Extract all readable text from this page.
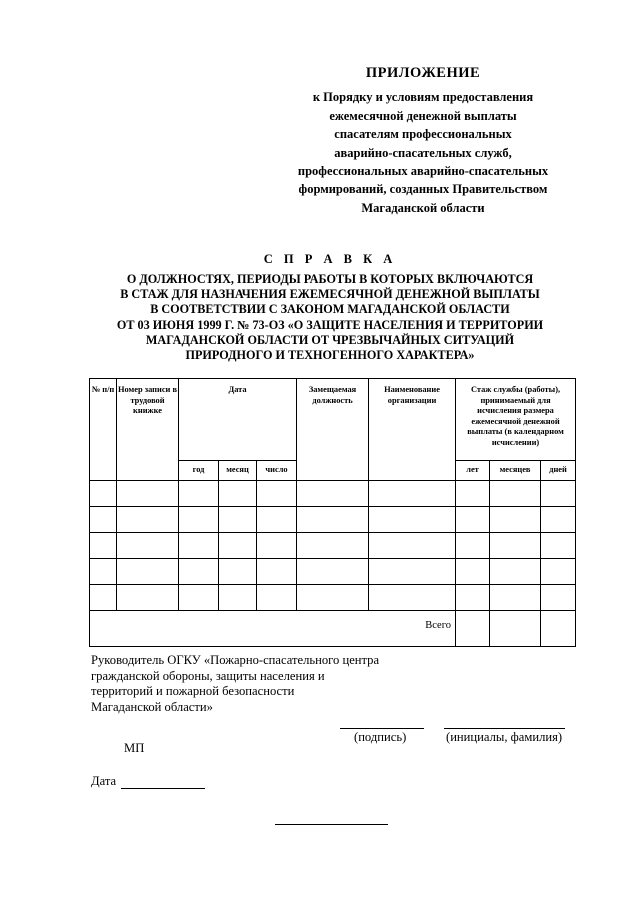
ПРИЛОЖЕНИЕ
к Порядку и условиям предоставления
ежемесячной денежной выплаты
спасателям профессиональных
аварийно-спасательных служб,
профессиональных аварийно-спасательных
формирований, созданных Правительством
Магаданской области
С П Р А В К А
О ДОЛЖНОСТЯХ, ПЕРИОДЫ РАБОТЫ В КОТОРЫХ ВКЛЮЧАЮТСЯ
В СТАЖ ДЛЯ НАЗНАЧЕНИЯ ЕЖЕМЕСЯЧНОЙ ДЕНЕЖНОЙ ВЫПЛАТЫ
В СООТВЕТСТВИИ С ЗАКОНОМ МАГАДАНСКОЙ ОБЛАСТИ
ОТ 03 ИЮНЯ 1999 Г. № 73-ОЗ «О ЗАЩИТЕ НАСЕЛЕНИЯ И ТЕРРИТОРИИ
МАГАДАНСКОЙ ОБЛАСТИ ОТ ЧРЕЗВЫЧАЙНЫХ СИТУАЦИЙ
ПРИРОДНОГО И ТЕХНОГЕННОГО ХАРАКТЕРА»
№ п/п	Номер записи в трудовой книжке	Дата			Замещаемая должность	Наименование организации	Стаж службы (работы), принимаемый для исчисления размера ежемесячной денежной выплаты (в календарном исчислении)		
		год	месяц	число			лет	месяцев	дней

Всего									
Руководитель ОГКУ «Пожарно-спасательного центра
гражданской обороны, защиты населения и
территорий и пожарной безопасности
Магаданской области»
(подпись)	(инициалы, фамилия)
МП
Дата
